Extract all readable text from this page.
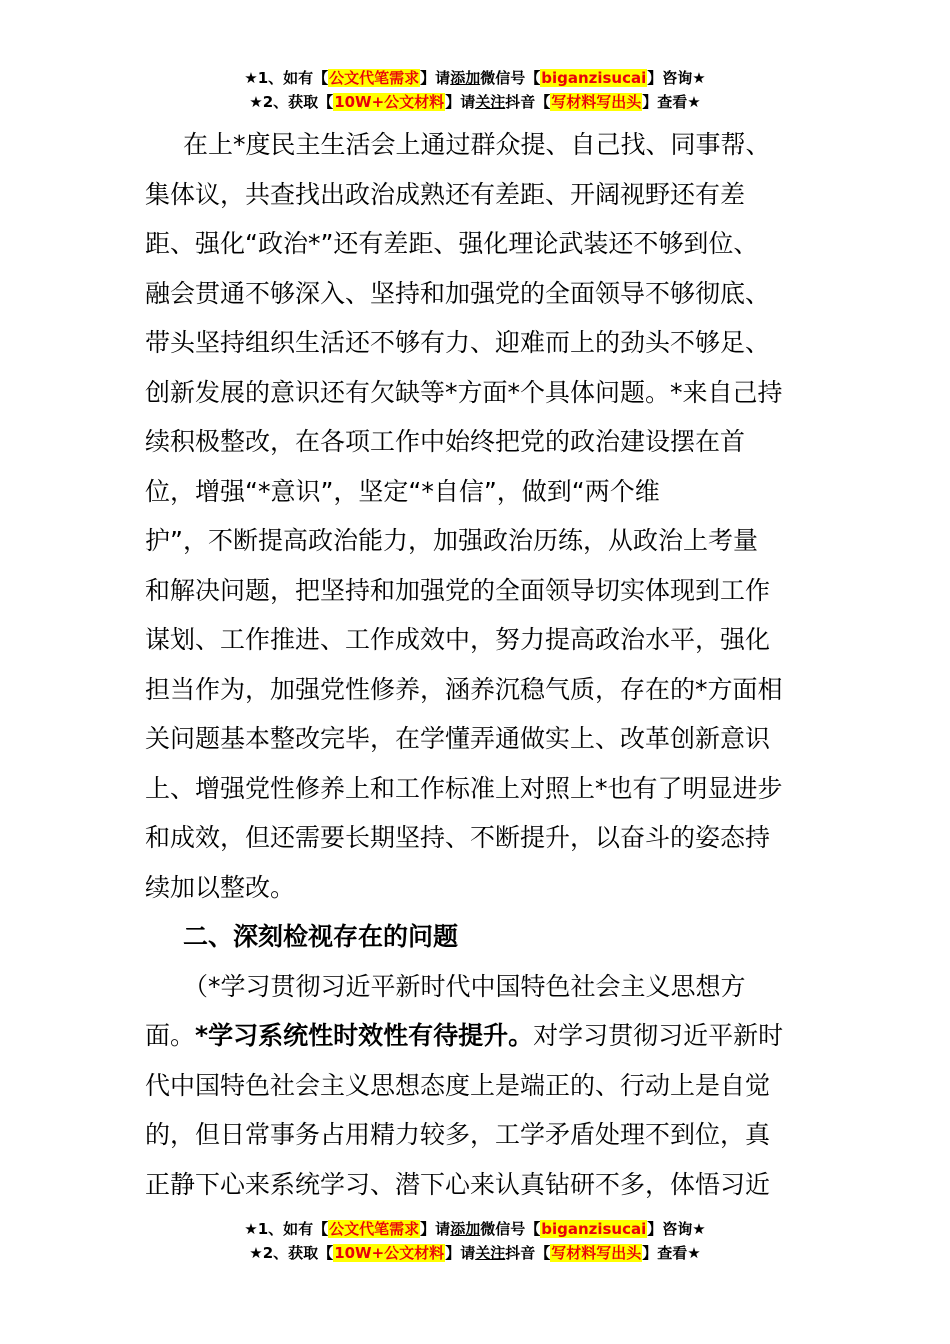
★1、如有【公文代笔需求】请添加微信号【biganzisucai】咨询★
★2、获取【10W+公文材料】请关注抖音【写材料写出头】查看★
在上*度民主生活会上通过群众提、自己找、同事帮、
集体议，共查找出政治成熟还有差距、开阔视野还有差
距、强化“政治*”还有差距、强化理论武装还不够到位、
融会贯通不够深入、坚持和加强党的全面领导不够彻底、
带头坚持组织生活还不够有力、迎难而上的劲头不够足、
创新发展的意识还有欠缺等*方面*个具体问题。*来自己持
续积极整改，在各项工作中始终把党的政治建设摆在首
位，增强“*意识”，坚定“*自信”，做到“两个维
护”，不断提高政治能力，加强政治历练，从政治上考量
和解决问题，把坚持和加强党的全面领导切实体现到工作
谋划、工作推进、工作成效中，努力提高政治水平，强化
担当作为，加强党性修养，涵养沉稳气质，存在的*方面相
关问题基本整改完毕，在学懂弄通做实上、改革创新意识
上、增强党性修养上和工作标准上对照上*也有了明显进步
和成效，但还需要长期坚持、不断提升，以奋斗的姿态持
续加以整改。
二、深刻检视存在的问题
（*学习贯彻习近平新时代中国特色社会主义思想方
面。*学习系统性时效性有待提升。对学习贯彻习近平新时
代中国特色社会主义思想态度上是端正的、行动上是自觉
的，但日常事务占用精力较多，工学矛盾处理不到位，真
正静下心来系统学习、潜下心来认真钻研不多，体悟习近
★1、如有【公文代笔需求】请添加微信号【biganzisucai】咨询★
★2、获取【10W+公文材料】请关注抖音【写材料写出头】查看★
